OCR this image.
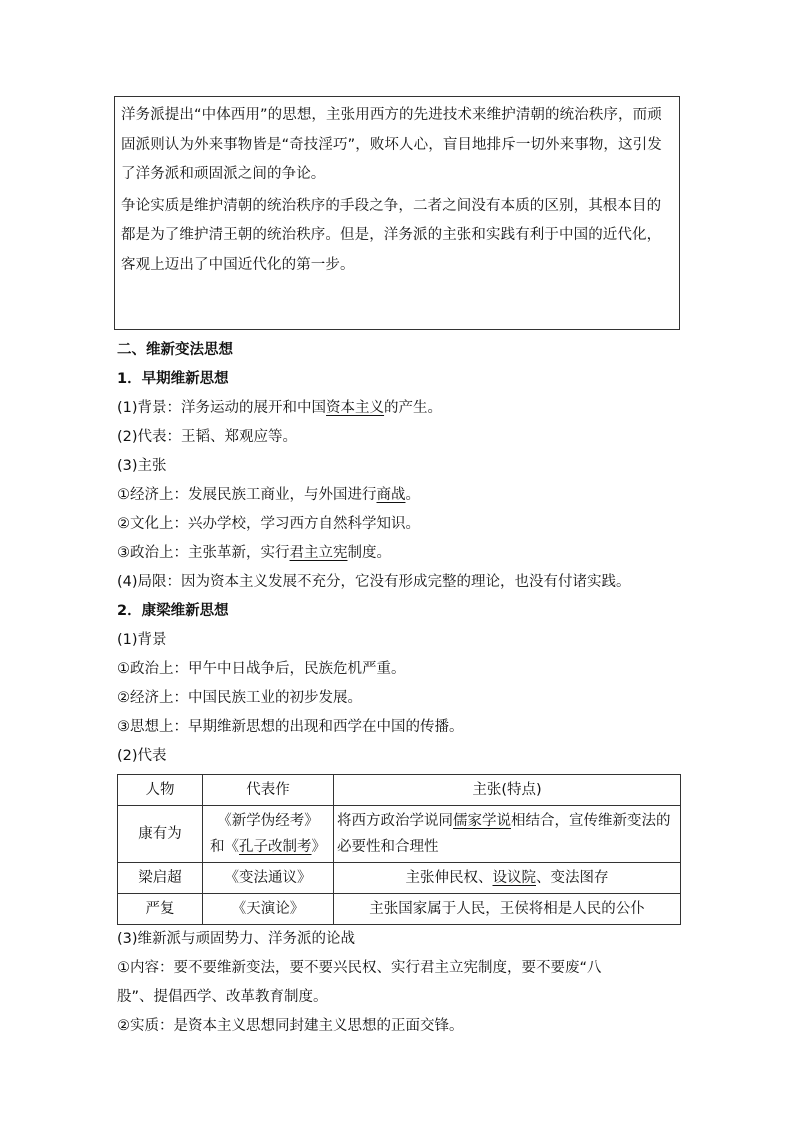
洋务派提出“中体西用”的思想，主张用西方的先进技术来维护清朝的统治秩序，而顽固派则认为外来事物皆是“奇技淫巧”，败坏人心，盲目地排斥一切外来事物，这引发了洋务派和顽固派之间的争论。

争论实质是维护清朝的统治秩序的手段之争，二者之间没有本质的区别，其根本目的都是为了维护清王朝的统治秩序。但是，洋务派的主张和实践有利于中国的近代化，客观上迈出了中国近代化的第一步。

二、维新变法思想
1．早期维新思想
(1)背景：洋务运动的展开和中国资本主义的产生。
(2)代表：王韬、郑观应等。
(3)主张
①经济上：发展民族工商业，与外国进行商战。
②文化上：兴办学校，学习西方自然科学知识。
③政治上：主张革新，实行君主立宪制度。
(4)局限：因为资本主义发展不充分，它没有形成完整的理论，也没有付诸实践。
2．康梁维新思想
(1)背景
①政治上：甲午中日战争后，民族危机严重。
②经济上：中国民族工业的初步发展。
③思想上：早期维新思想的出现和西学在中国的传播。
(2)代表
人物	代表作	主张(特点)
康有为	《新学伪经考》
和《孔子改制考》	将西方政治学说同儒家学说相结合，宣传维新变法的必要性和合理性
梁启超	《变法通议》	主张伸民权、设议院、变法图存
严复	《天演论》	主张国家属于人民，王侯将相是人民的公仆
(3)维新派与顽固势力、洋务派的论战
①内容：要不要维新变法，要不要兴民权、实行君主立宪制度，要不要废“八
股”、提倡西学、改革教育制度。
②实质：是资本主义思想同封建主义思想的正面交锋。
